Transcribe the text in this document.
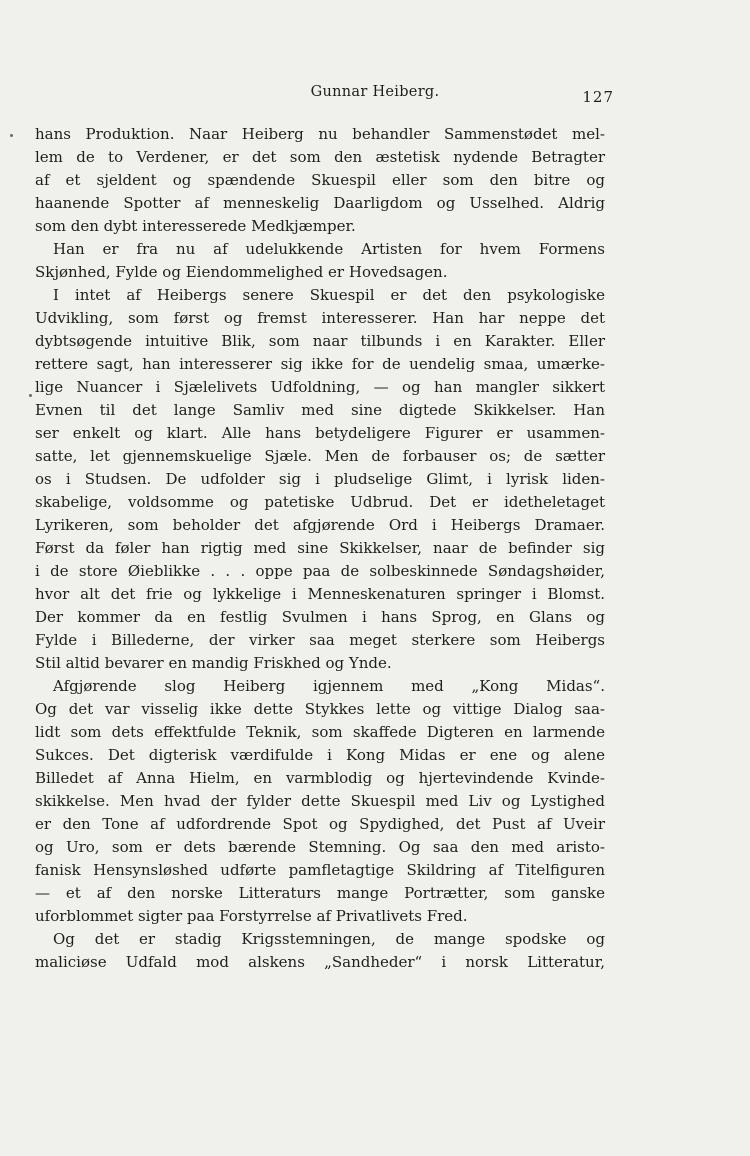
Gunnar Heiberg.	127
hans Produktion. Naar Heiberg nu behandler Sammenstødet mel-
lem de to Verdener, er det som den æstetisk nydende Betragter
af et sjeldent og spændende Skuespil eller som den bitre og
haanende Spotter af menneskelig Daarligdom og Usselhed. Aldrig
som den dybt interesserede Medkjæmper.
Han er fra nu af udelukkende Artisten for hvem Formens
Skjønhed, Fylde og Eiendommelighed er Hovedsagen.
I intet af Heibergs senere Skuespil er det den psykologiske
Udvikling, som først og fremst interesserer. Han har neppe det
dybtsøgende intuitive Blik, som naar tilbunds i en Karakter. Eller
rettere sagt, han interesserer sig ikke for de uendelig smaa, umærke-
lige Nuancer i Sjælelivets Udfoldning, — og han mangler sikkert
Evnen til det lange Samliv med sine digtede Skikkelser. Han
ser enkelt og klart. Alle hans betydeligere Figurer er usammen-
satte, let gjennemskuelige Sjæle. Men de forbauser os; de sætter
os i Studsen. De udfolder sig i pludselige Glimt, i lyrisk liden-
skabelige, voldsomme og patetiske Udbrud. Det er idetheletaget
Lyrikeren, som beholder det afgjørende Ord i Heibergs Dramaer.
Først da føler han rigtig med sine Skikkelser, naar de befinder sig
i de store Øieblikke . . . oppe paa de solbeskinnede Søndagshøider,
hvor alt det frie og lykkelige i Menneskenaturen springer i Blomst.
Der kommer da en festlig Svulmen i hans Sprog, en Glans og
Fylde i Billederne, der virker saa meget sterkere som Heibergs
Stil altid bevarer en mandig Friskhed og Ynde.
Afgjørende slog Heiberg igjennem med „Kong Midas“.
Og det var visselig ikke dette Stykkes lette og vittige Dialog saa-
lidt som dets effektfulde Teknik, som skaffede Digteren en larmende
Sukces. Det digterisk værdifulde i Kong Midas er ene og alene
Billedet af Anna Hielm, en varmblodig og hjertevindende Kvinde-
skikkelse. Men hvad der fylder dette Skuespil med Liv og Lystighed
er den Tone af udfordrende Spot og Spydighed, det Pust af Uveir
og Uro, som er dets bærende Stemning. Og saa den med aristo-
fanisk Hensynsløshed udførte pamfletagtige Skildring af Titelfiguren
— et af den norske Litteraturs mange Portrætter, som ganske
uforblommet sigter paa Forstyrrelse af Privatlivets Fred.
Og det er stadig Krigsstemningen, de mange spodske og
maliciøse Udfald mod alskens „Sandheder“ i norsk Litteratur,
